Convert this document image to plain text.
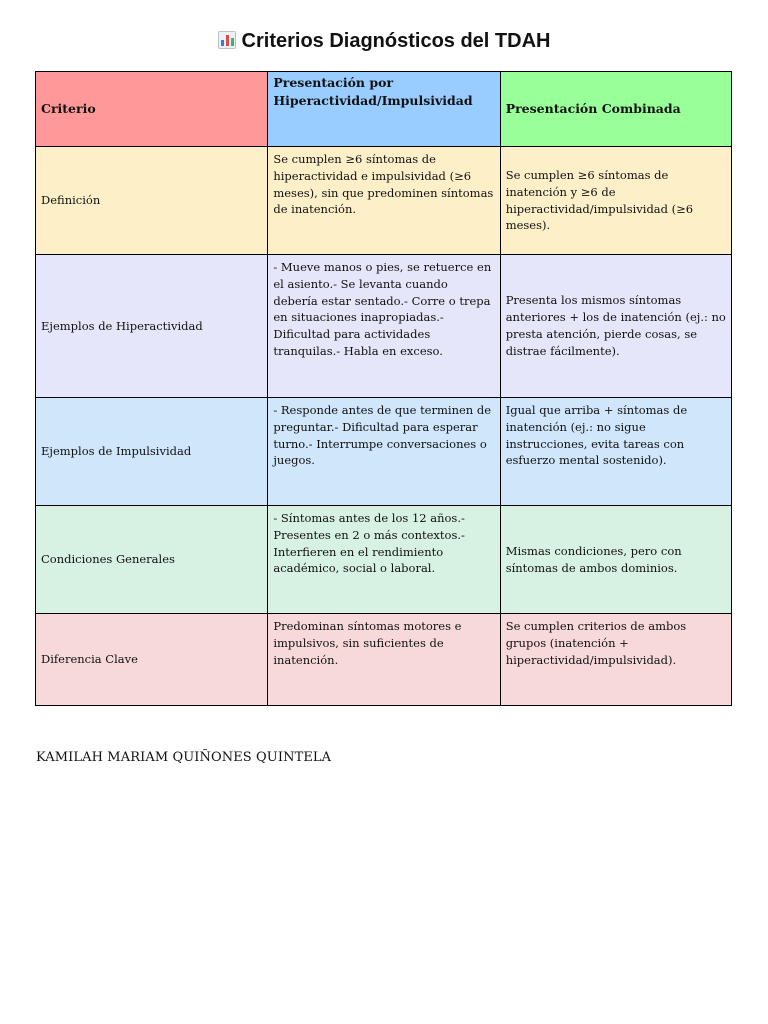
Criterios Diagnósticos del TDAH
Criterio	Presentación por Hiperactividad/Impulsividad	Presentación Combinada
Definición	Se cumplen ≥6 síntomas de hiperactividad e impulsividad (≥6 meses), sin que predominen síntomas de inatención.	Se cumplen ≥6 síntomas de inatención y ≥6 de hiperactividad/impulsividad (≥6 meses).
Ejemplos de Hiperactividad	- Mueve manos o pies, se retuerce en el asiento.- Se levanta cuando debería estar sentado.- Corre o trepa en situaciones inapropiadas.- Dificultad para actividades tranquilas.- Habla en exceso.	Presenta los mismos síntomas anteriores + los de inatención (ej.: no presta atención, pierde cosas, se distrae fácilmente).
Ejemplos de Impulsividad	- Responde antes de que terminen de preguntar.- Dificultad para esperar turno.- Interrumpe conversaciones o juegos.	Igual que arriba + síntomas de inatención (ej.: no sigue instrucciones, evita tareas con esfuerzo mental sostenido).
Condiciones Generales	- Síntomas antes de los 12 años.- Presentes en 2 o más contextos.- Interfieren en el rendimiento académico, social o laboral.	Mismas condiciones, pero con síntomas de ambos dominios.
Diferencia Clave	Predominan síntomas motores e impulsivos, sin suficientes de inatención.	Se cumplen criterios de ambos grupos (inatención + hiperactividad/impulsividad).
KAMILAH MARIAM QUIÑONES QUINTELA
